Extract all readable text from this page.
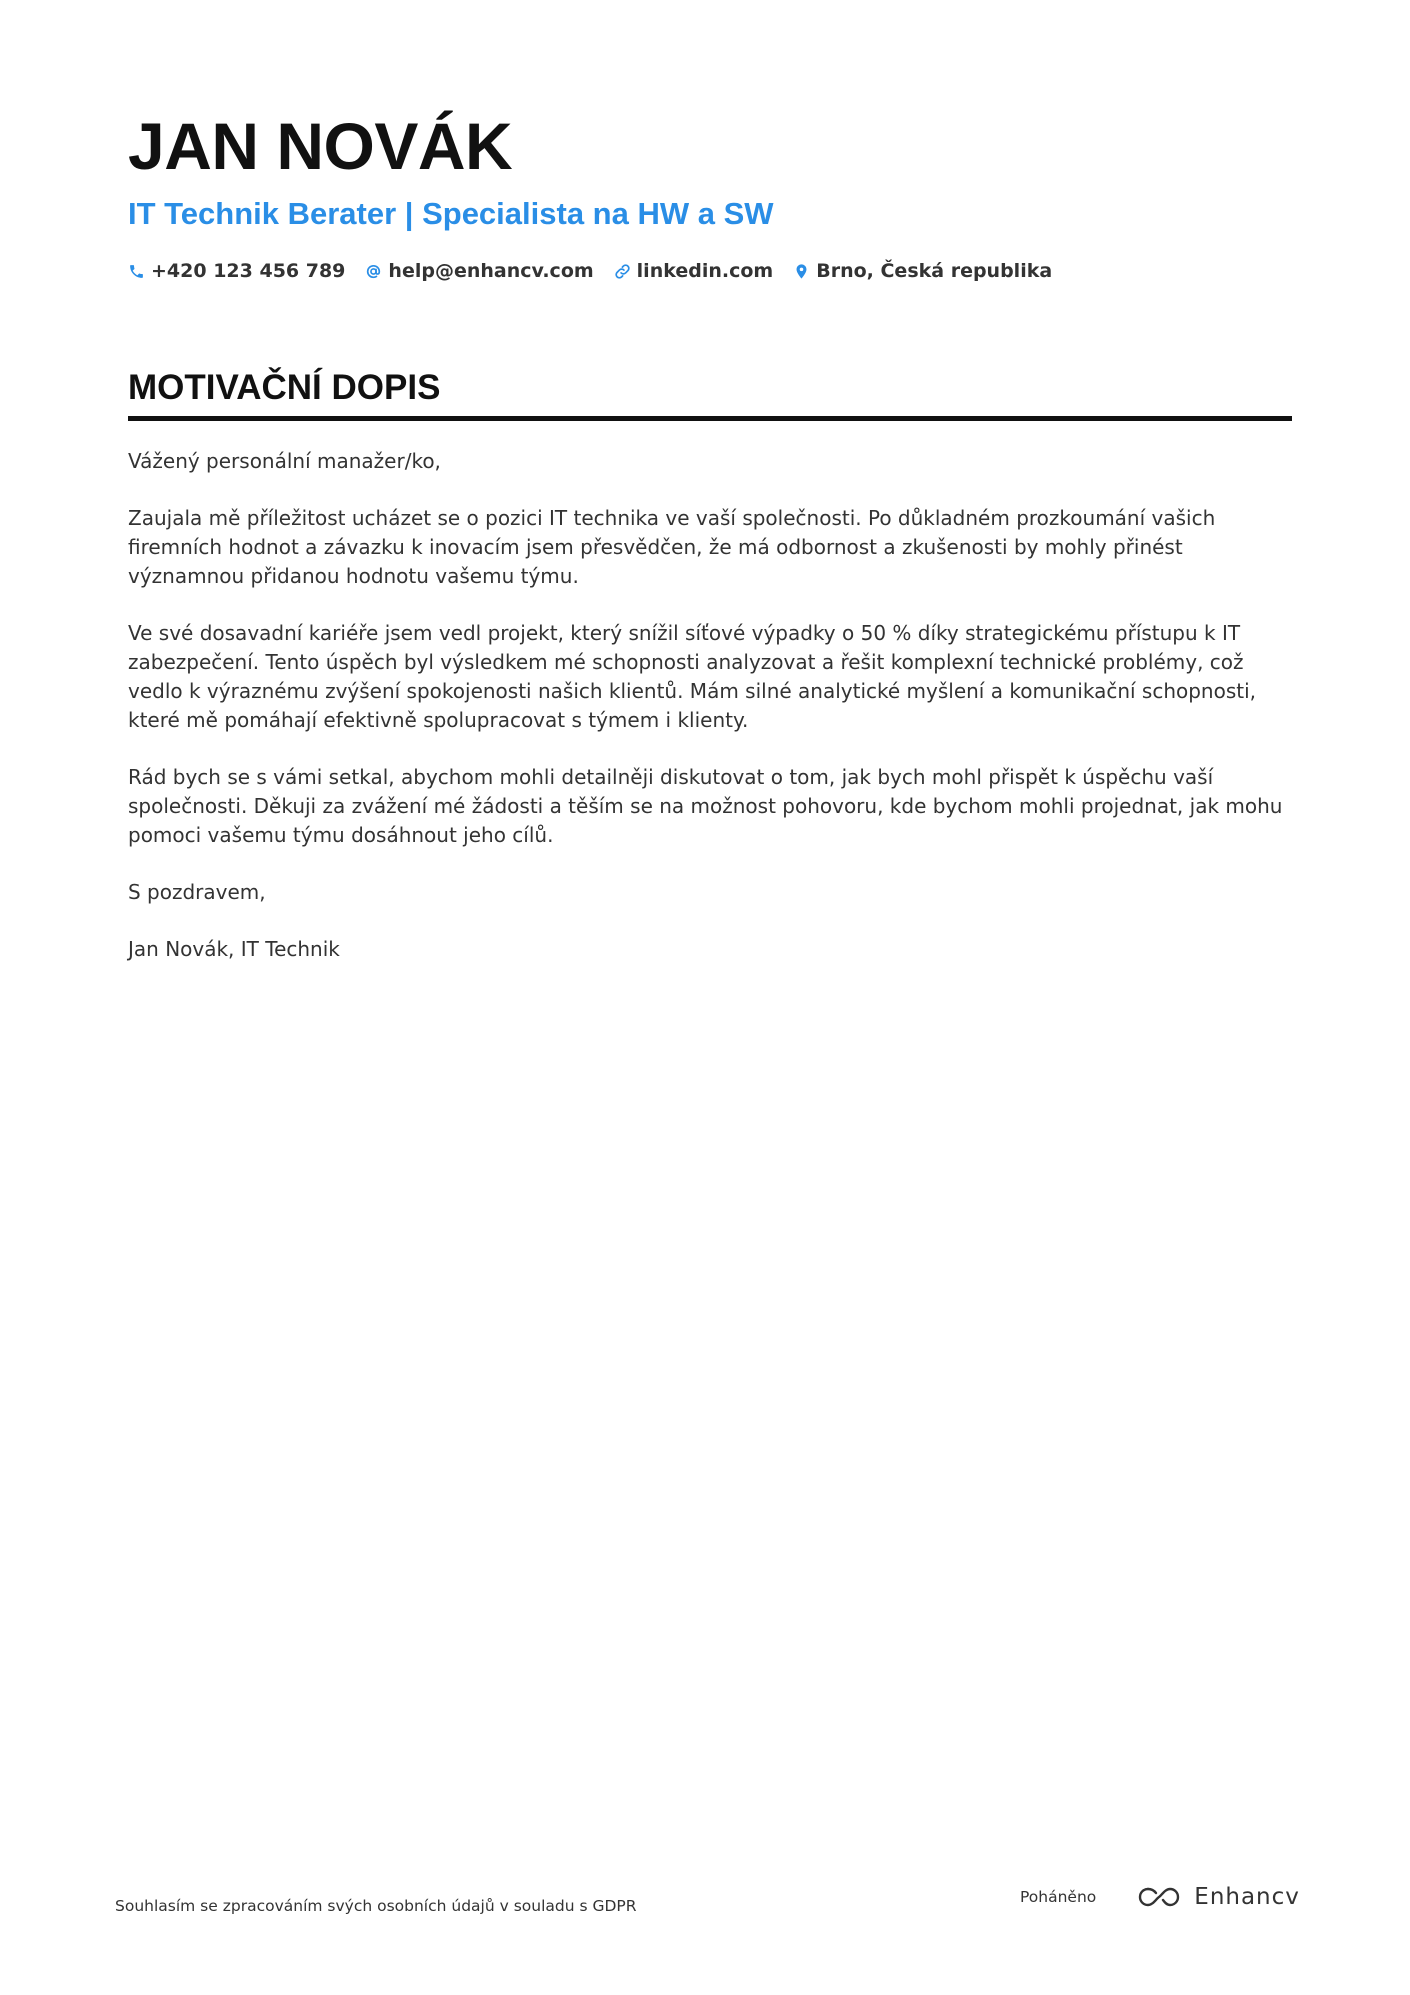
JAN NOVÁK
IT Technik Berater | Specialista na HW a SW
+420 123 456 789 help@enhancv.com linkedin.com Brno, Česká republika
MOTIVAČNÍ DOPIS

Vážený personální manažer/ko,

Zaujala mě příležitost ucházet se o pozici IT technika ve vaší společnosti. Po důkladném prozkoumání vašich firemních hodnot a závazku k inovacím jsem přesvědčen, že má odbornost a zkušenosti by mohly přinést významnou přidanou hodnotu vašemu týmu.

Ve své dosavadní kariéře jsem vedl projekt, který snížil síťové výpadky o 50 % díky strategickému přístupu k IT zabezpečení. Tento úspěch byl výsledkem mé schopnosti analyzovat a řešit komplexní technické problémy, což vedlo k výraznému zvýšení spokojenosti našich klientů. Mám silné analytické myšlení a komunikační schopnosti, které mě pomáhají efektivně spolupracovat s týmem i klienty.

Rád bych se s vámi setkal, abychom mohli detailněji diskutovat o tom, jak bych mohl přispět k úspěchu vaší společnosti. Děkuji za zvážení mé žádosti a těším se na možnost pohovoru, kde bychom mohli projednat, jak mohu pomoci vašemu týmu dosáhnout jeho cílů.

S pozdravem,

Jan Novák, IT Technik

Souhlasím se zpracováním svých osobních údajů v souladu s GDPR	Poháněno	Enhancv
